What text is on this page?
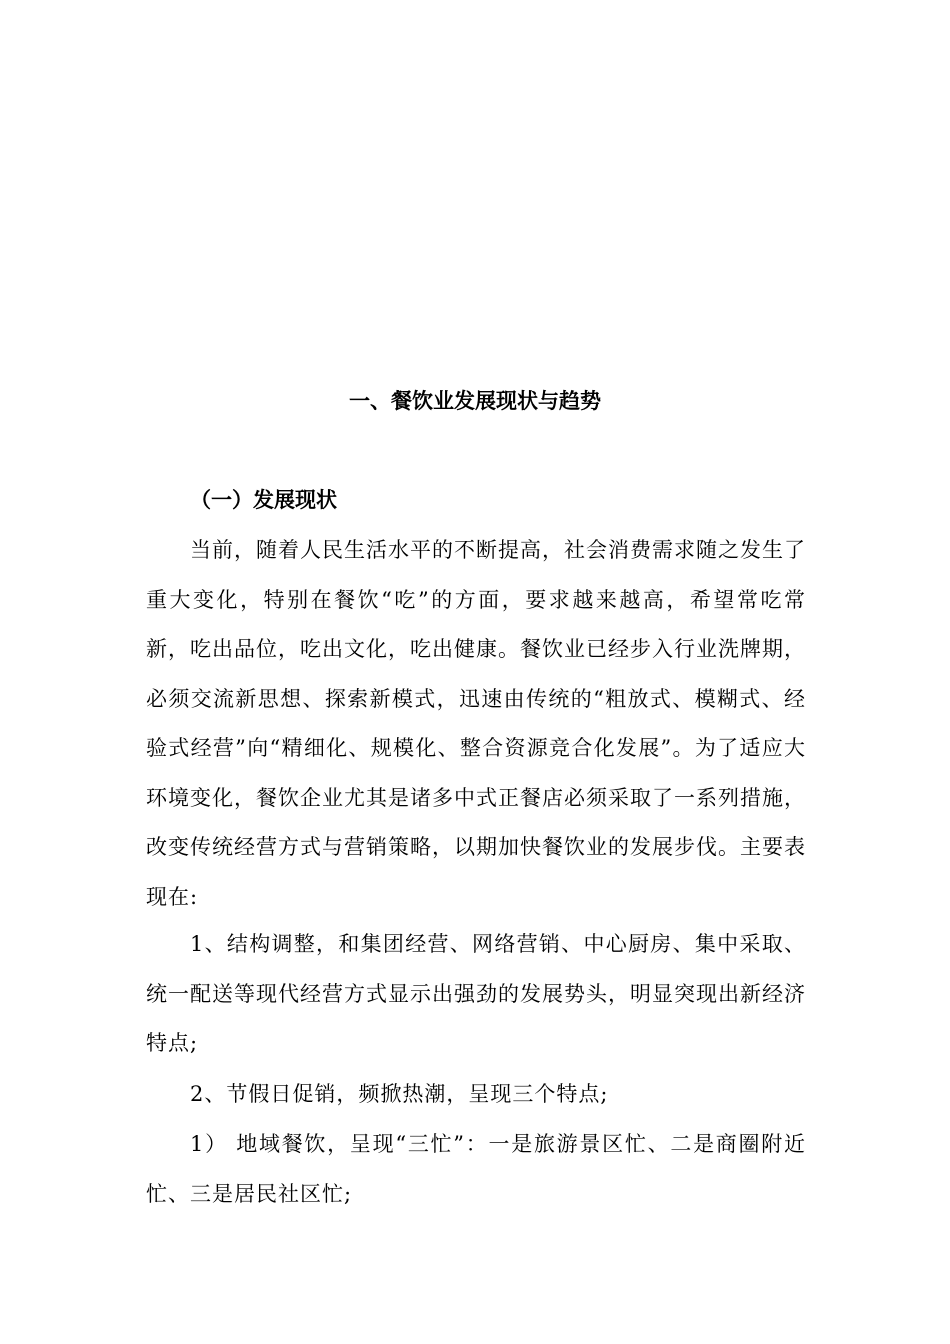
一、餐饮业发展现状与趋势
（一）发展现状

当前，随着人民生活水平的不断提高，社会消费需求随之发生了重大变化，特别在餐饮“吃”的方面，要求越来越高，希望常吃常新，吃出品位，吃出文化，吃出健康。餐饮业已经步入行业洗牌期，必须交流新思想、探索新模式，迅速由传统的“粗放式、模糊式、经验式经营”向“精细化、规模化、整合资源竞合化发展”。为了适应大环境变化，餐饮企业尤其是诸多中式正餐店必须采取了一系列措施，改变传统经营方式与营销策略，以期加快餐饮业的发展步伐。主要表现在:

1、结构调整，和集团经营、网络营销、中心厨房、集中采取、统一配送等现代经营方式显示出强劲的发展势头，明显突现出新经济特点;

2、节假日促销，频掀热潮，呈现三个特点;

1） 地域餐饮，呈现“三忙”：一是旅游景区忙、二是商圈附近忙、三是居民社区忙;
